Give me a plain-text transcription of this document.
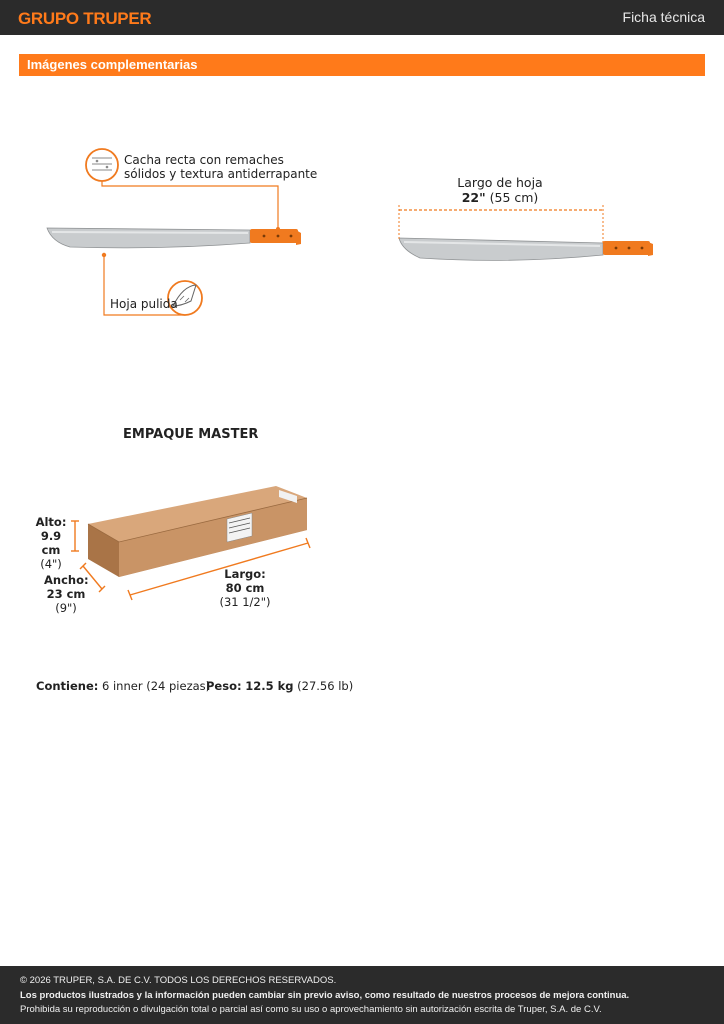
GRUPO TRUPER	Ficha técnica
Imágenes complementarias
Cacha recta con remaches
sólidos y textura antiderrapante
Hoja pulida
Largo de hoja
22" (55 cm)
EMPAQUE MASTER
Alto:
9.9 cm
(4")
Ancho:
23 cm
(9")
Largo:
80 cm
(31 1/2")
Contiene: 6 inner (24 piezas)
Peso: 12.5 kg (27.56 lb)
© 2026 TRUPER, S.A. DE C.V. TODOS LOS DERECHOS RESERVADOS.
Los productos ilustrados y la información pueden cambiar sin previo aviso, como resultado de nuestros procesos de mejora continua.
Prohibida su reproducción o divulgación total o parcial así como su uso o aprovechamiento sin autorización escrita de Truper, S.A. de C.V.
